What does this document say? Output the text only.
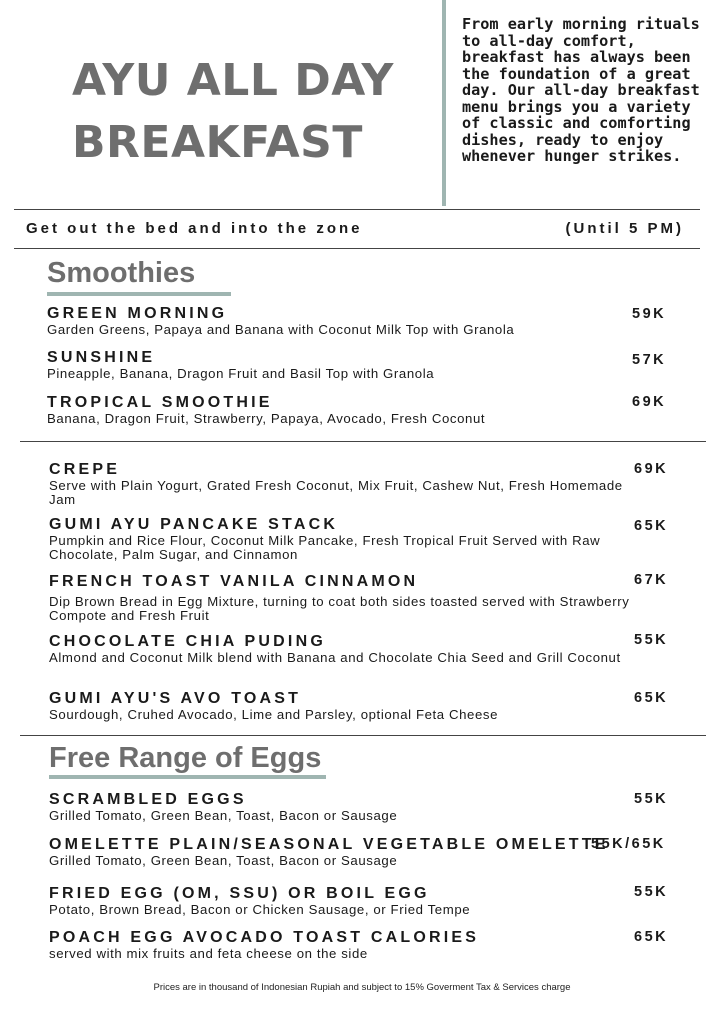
AYU ALL DAY
BREAKFAST
From early morning rituals to all-day comfort, breakfast has always been the foundation of a great day. Our all-day breakfast menu brings you a variety of classic and comforting dishes, ready to enjoy whenever hunger strikes.
Get out the bed and into the zone	(Until 5 PM)
Smoothies
GREEN MORNING
Garden Greens, Papaya and Banana with Coconut Milk Top with Granola
59K
SUNSHINE
Pineapple, Banana, Dragon Fruit and Basil Top with Granola
57K
TROPICAL SMOOTHIE
Banana, Dragon Fruit, Strawberry, Papaya, Avocado, Fresh Coconut
69K
CREPE
Serve with Plain Yogurt, Grated Fresh Coconut, Mix Fruit, Cashew Nut, Fresh Homemade Jam
69K
GUMI AYU PANCAKE STACK
Pumpkin and Rice Flour, Coconut Milk Pancake, Fresh Tropical Fruit Served with Raw Chocolate, Palm Sugar, and Cinnamon
65K
FRENCH TOAST VANILA CINNAMON
Dip Brown Bread in Egg Mixture, turning to coat both sides toasted served with Strawberry Compote and Fresh Fruit
67K
CHOCOLATE CHIA PUDING
Almond and Coconut Milk blend with Banana and Chocolate Chia Seed and Grill Coconut
55K
GUMI AYU'S AVO TOAST
Sourdough, Cruhed Avocado, Lime and Parsley, optional Feta Cheese
65K
Free Range of Eggs
SCRAMBLED EGGS
Grilled Tomato, Green Bean, Toast, Bacon or Sausage
55K
OMELETTE PLAIN/SEASONAL VEGETABLE OMELETTE
Grilled Tomato, Green Bean, Toast, Bacon or Sausage
55K/65K
FRIED EGG (OM, SSU) OR BOIL EGG
Potato, Brown Bread, Bacon or Chicken Sausage, or Fried Tempe
55K
POACH EGG AVOCADO TOAST CALORIES
served with mix fruits and feta cheese on the side
65K
Prices are in thousand of Indonesian Rupiah and subject to 15% Goverment Tax & Services charge
